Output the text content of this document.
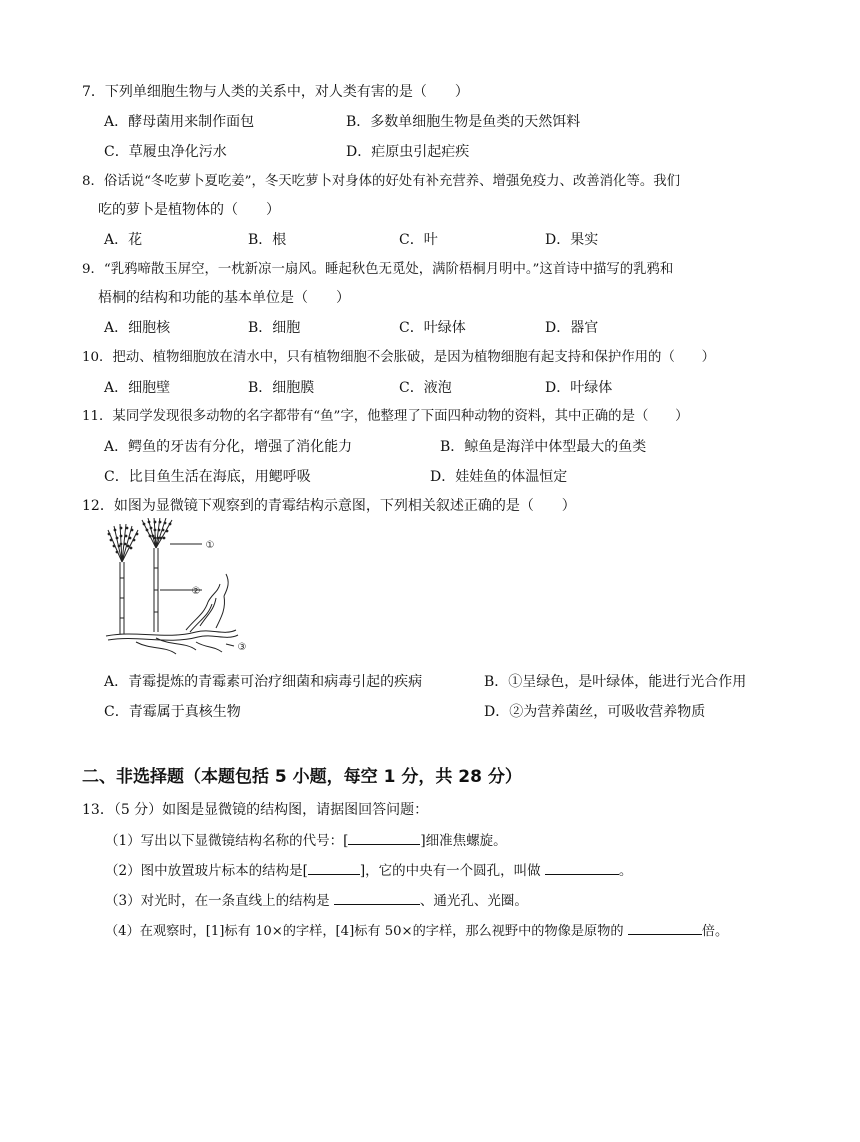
7．下列单细胞生物与人类的关系中，对人类有害的是（　　）
A．酵母菌用来制作面包	B．多数单细胞生物是鱼类的天然饵料
C．草履虫净化污水	D．疟原虫引起疟疾
8．俗话说“冬吃萝卜夏吃姜”，冬天吃萝卜对身体的好处有补充营养、增强免疫力、改善消化等。我们
吃的萝卜是植物体的（　　）
A．花	B．根	C．叶	D．果实
9．“乳鸦啼散玉屏空，一枕新凉一扇风。睡起秋色无觅处，满阶梧桐月明中。”这首诗中描写的乳鸦和
梧桐的结构和功能的基本单位是（　　）
A．细胞核	B．细胞	C．叶绿体	D．器官
10．把动、植物细胞放在清水中，只有植物细胞不会胀破，是因为植物细胞有起支持和保护作用的（　　）
A．细胞壁	B．细胞膜	C．液泡	D．叶绿体
11．某同学发现很多动物的名字都带有“鱼”字，他整理了下面四种动物的资料，其中正确的是（　　）
A．鳄鱼的牙齿有分化，增强了消化能力	B．鲸鱼是海洋中体型最大的鱼类
C．比目鱼生活在海底，用鳃呼吸	D．娃娃鱼的体温恒定
12．如图为显微镜下观察到的青霉结构示意图，下列相关叙述正确的是（　　）
①
②
③
A．青霉提炼的青霉素可治疗细菌和病毒引起的疾病	B．①呈绿色，是叶绿体，能进行光合作用
C．青霉属于真核生物	D．②为营养菌丝，可吸收营养物质
二、非选择题（本题包括 5 小题，每空 1 分，共 28 分）
13．（5 分）如图是显微镜的结构图，请据图回答问题：
（1）写出以下显微镜结构名称的代号：[	]细准焦螺旋。
（2）图中放置玻片标本的结构是[	]，它的中央有一个圆孔，叫做	。
（3）对光时，在一条直线上的结构是	、通光孔、光圈。
（4）在观察时，[1]标有 10×的字样，[4]标有 50×的字样，那么视野中的物像是原物的	倍。
